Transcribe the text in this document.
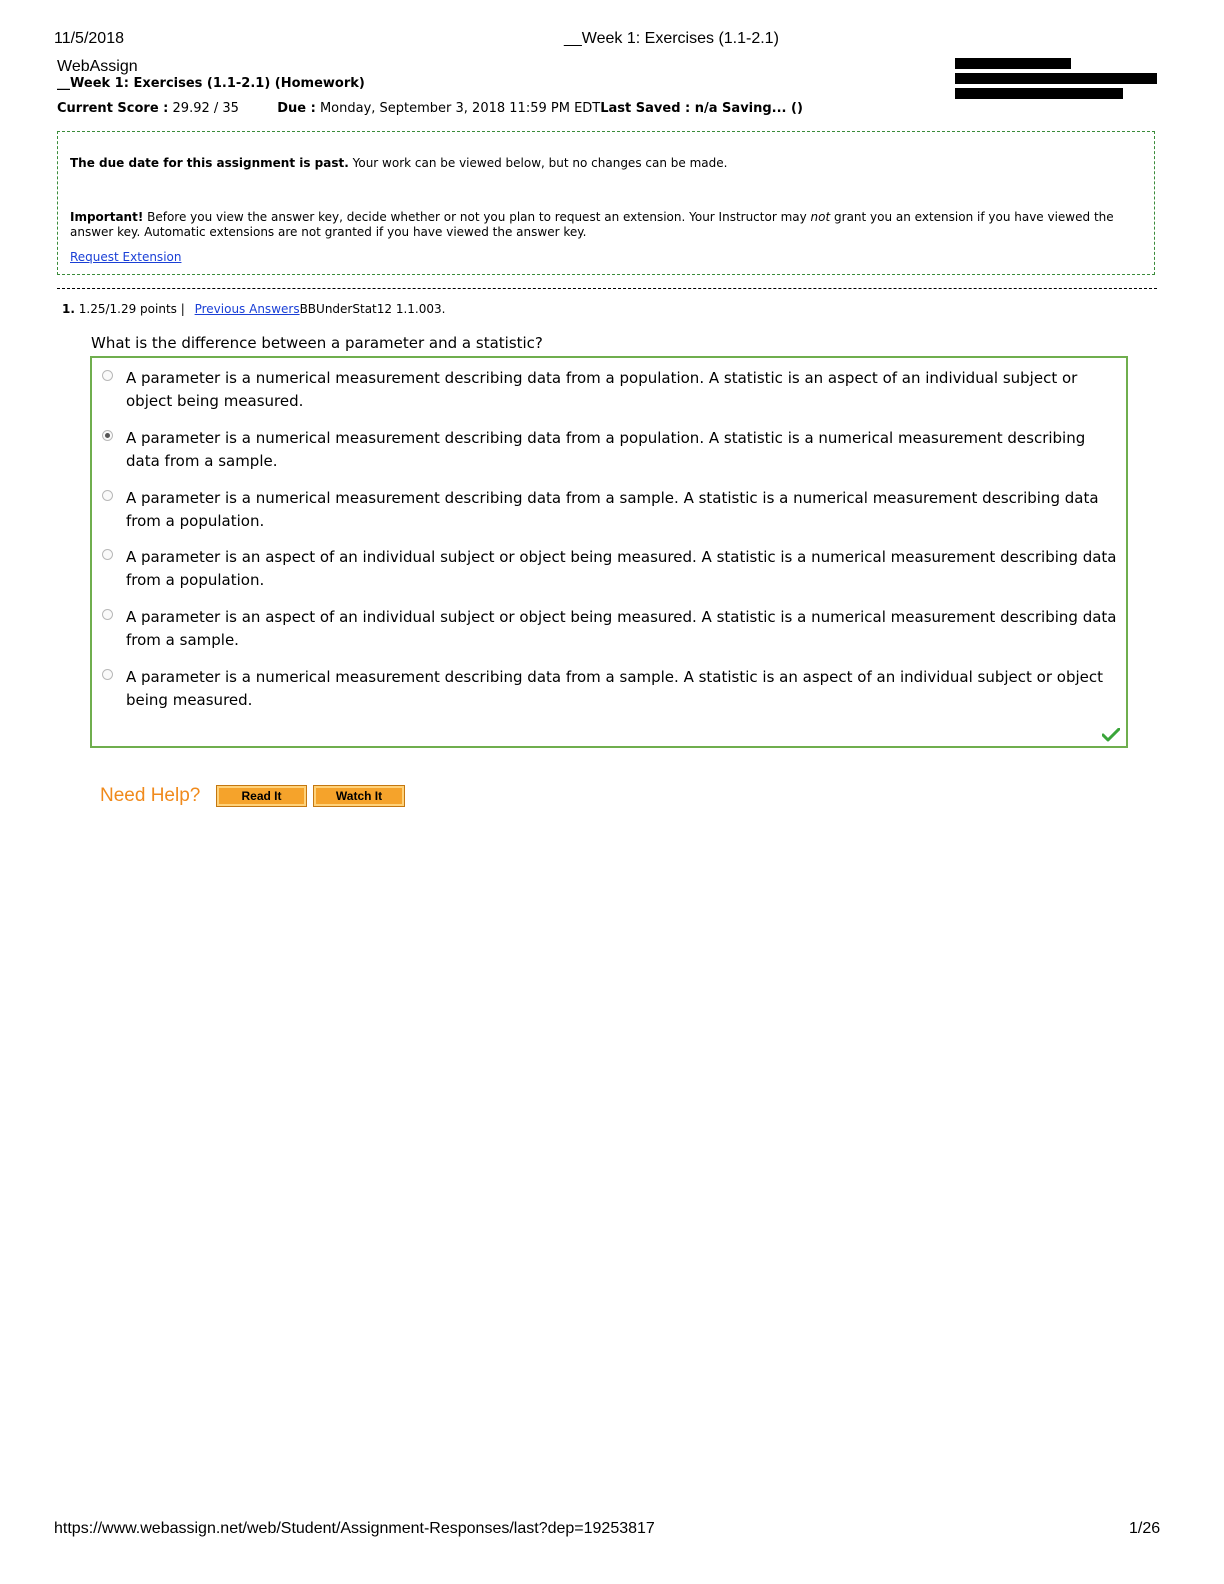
11/5/2018	__Week 1: Exercises (1.1-2.1)
WebAssign
__Week 1: Exercises (1.1-2.1) (Homework)
Current Score : 29.92 / 35	Due : Monday, September 3, 2018 11:59 PM EDTLast Saved : n/a Saving... ()

The due date for this assignment is past. Your work can be viewed below, but no changes can be made.

Important! Before you view the answer key, decide whether or not you plan to request an extension. Your Instructor may not grant you an extension if you have viewed the answer key. Automatic extensions are not granted if you have viewed the answer key.

Request Extension

1. 1.25/1.29 points | Previous AnswersBBUnderStat12 1.1.003.
What is the difference between a parameter and a statistic?
A parameter is a numerical measurement describing data from a population. A statistic is an aspect of an individual subject or object being measured.
A parameter is a numerical measurement describing data from a population. A statistic is a numerical measurement describing data from a sample.
A parameter is a numerical measurement describing data from a sample. A statistic is a numerical measurement describing data from a population.
A parameter is an aspect of an individual subject or object being measured. A statistic is a numerical measurement describing data from a population.
A parameter is an aspect of an individual subject or object being measured. A statistic is a numerical measurement describing data from a sample.
A parameter is a numerical measurement describing data from a sample. A statistic is an aspect of an individual subject or object being measured.
Need Help?	Read It	Watch It
https://www.webassign.net/web/Student/Assignment-Responses/last?dep=19253817	1/26
